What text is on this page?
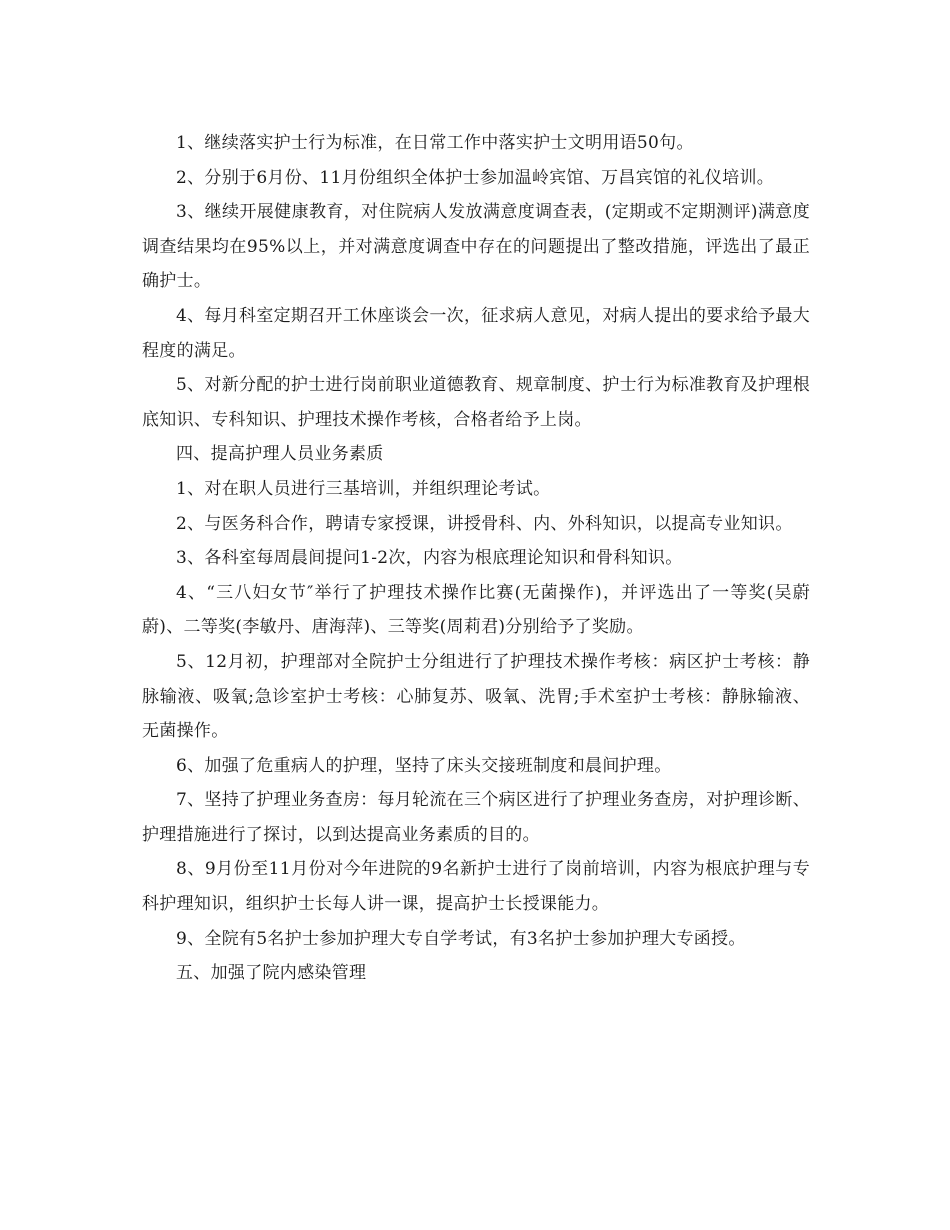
1、继续落实护士行为标准，在日常工作中落实护士文明用语50句。

2、分别于6月份、11月份组织全体护士参加温岭宾馆、万昌宾馆的礼仪培训。

3、继续开展健康教育，对住院病人发放满意度调查表，(定期或不定期测评)满意度调查结果均在95%以上，并对满意度调查中存在的问题提出了整改措施，评选出了最正确护士。

4、每月科室定期召开工休座谈会一次，征求病人意见，对病人提出的要求给予最大程度的满足。

5、对新分配的护士进行岗前职业道德教育、规章制度、护士行为标准教育及护理根底知识、专科知识、护理技术操作考核，合格者给予上岗。

四、提高护理人员业务素质

1、对在职人员进行三基培训，并组织理论考试。

2、与医务科合作，聘请专家授课，讲授骨科、内、外科知识，以提高专业知识。

3、各科室每周晨间提问1-2次，内容为根底理论知识和骨科知识。

4、“三八妇女节″举行了护理技术操作比赛(无菌操作)，并评选出了一等奖(吴蔚蔚)、二等奖(李敏丹、唐海萍)、三等奖(周莉君)分别给予了奖励。

5、12月初，护理部对全院护士分组进行了护理技术操作考核：病区护士考核：静脉输液、吸氧;急诊室护士考核：心肺复苏、吸氧、洗胃;手术室护士考核：静脉输液、无菌操作。

6、加强了危重病人的护理，坚持了床头交接班制度和晨间护理。

7、坚持了护理业务查房：每月轮流在三个病区进行了护理业务查房，对护理诊断、护理措施进行了探讨，以到达提高业务素质的目的。

8、9月份至11月份对今年进院的9名新护士进行了岗前培训，内容为根底护理与专科护理知识，组织护士长每人讲一课，提高护士长授课能力。

9、全院有5名护士参加护理大专自学考试，有3名护士参加护理大专函授。

五、加强了院内感染管理
